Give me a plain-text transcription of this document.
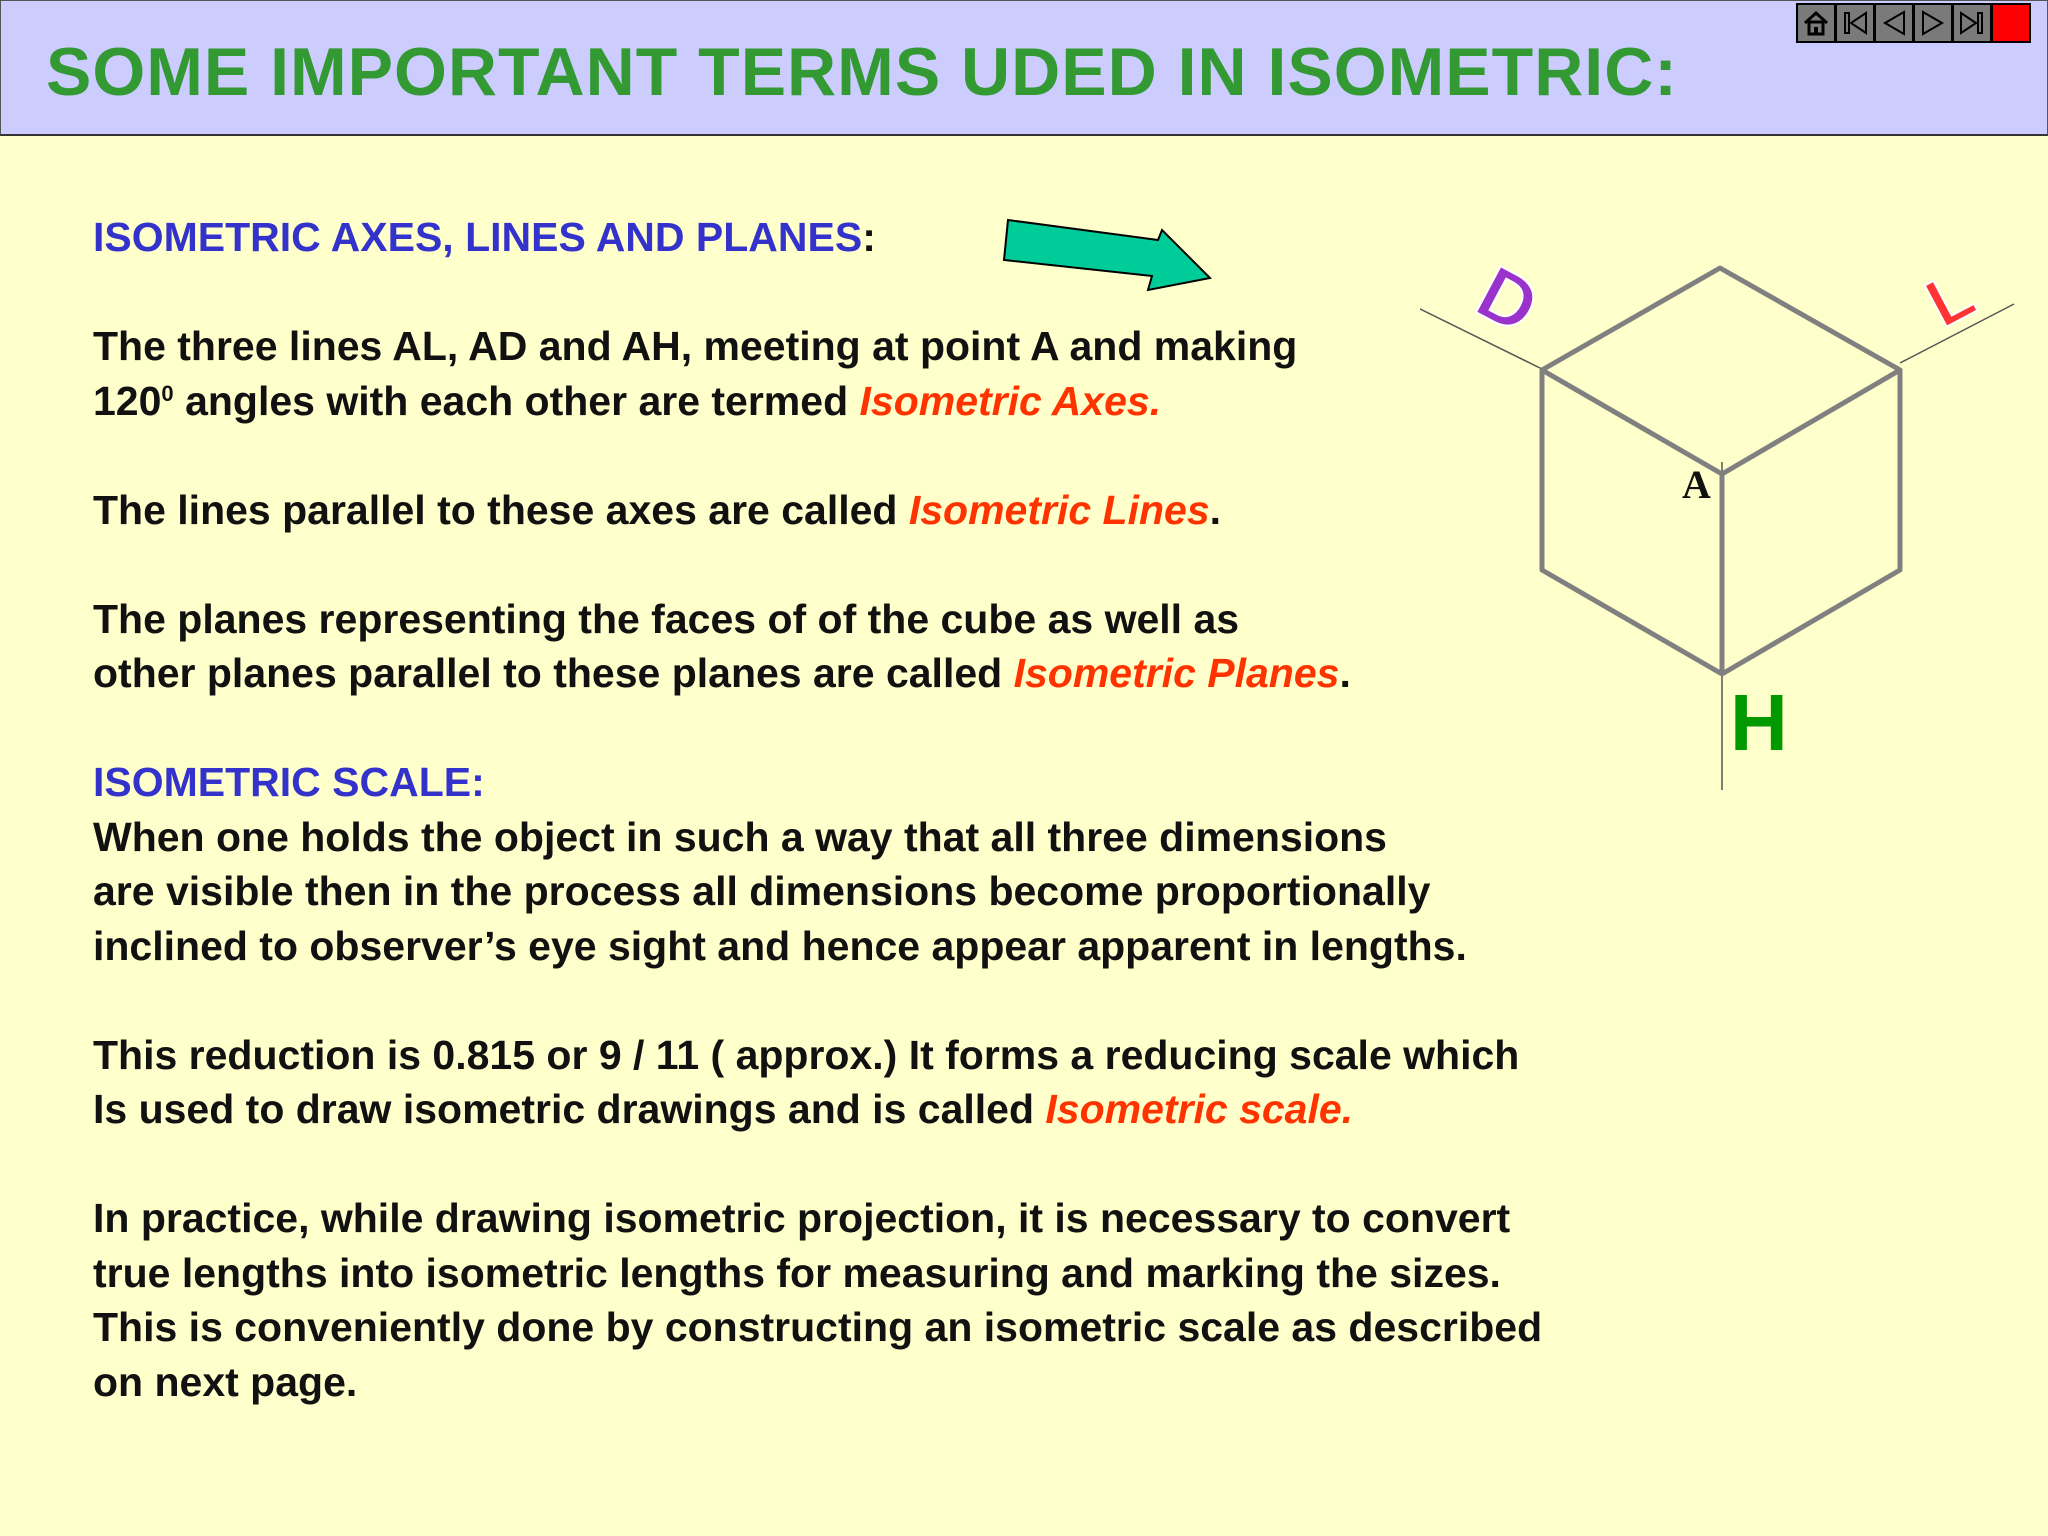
SOME IMPORTANT TERMS UDED IN ISOMETRIC:

ISOMETRIC AXES, LINES AND PLANES:

The three lines AL, AD and AH, meeting at point A and making

$120^0$ angles with each other are termed Isometric Axes.

The lines parallel to these axes are called Isometric Lines.

The planes representing the faces of of the cube as well as

other planes parallel to these planes are called Isometric Planes.

ISOMETRIC SCALE:

When one holds the object in such a way that all three dimensions

are visible then in the process all dimensions become proportionally

inclined to observer’s eye sight and hence appear apparent in lengths.

This reduction is 0.815 or 9 / 11 ( approx.) It forms a reducing scale which

Is used to draw isometric drawings and is called Isometric scale.

In practice, while drawing isometric projection, it is necessary to convert

true lengths into isometric lengths for measuring and marking the sizes.

This is conveniently done by constructing an isometric scale as described

on next page.

D	L
A
H
